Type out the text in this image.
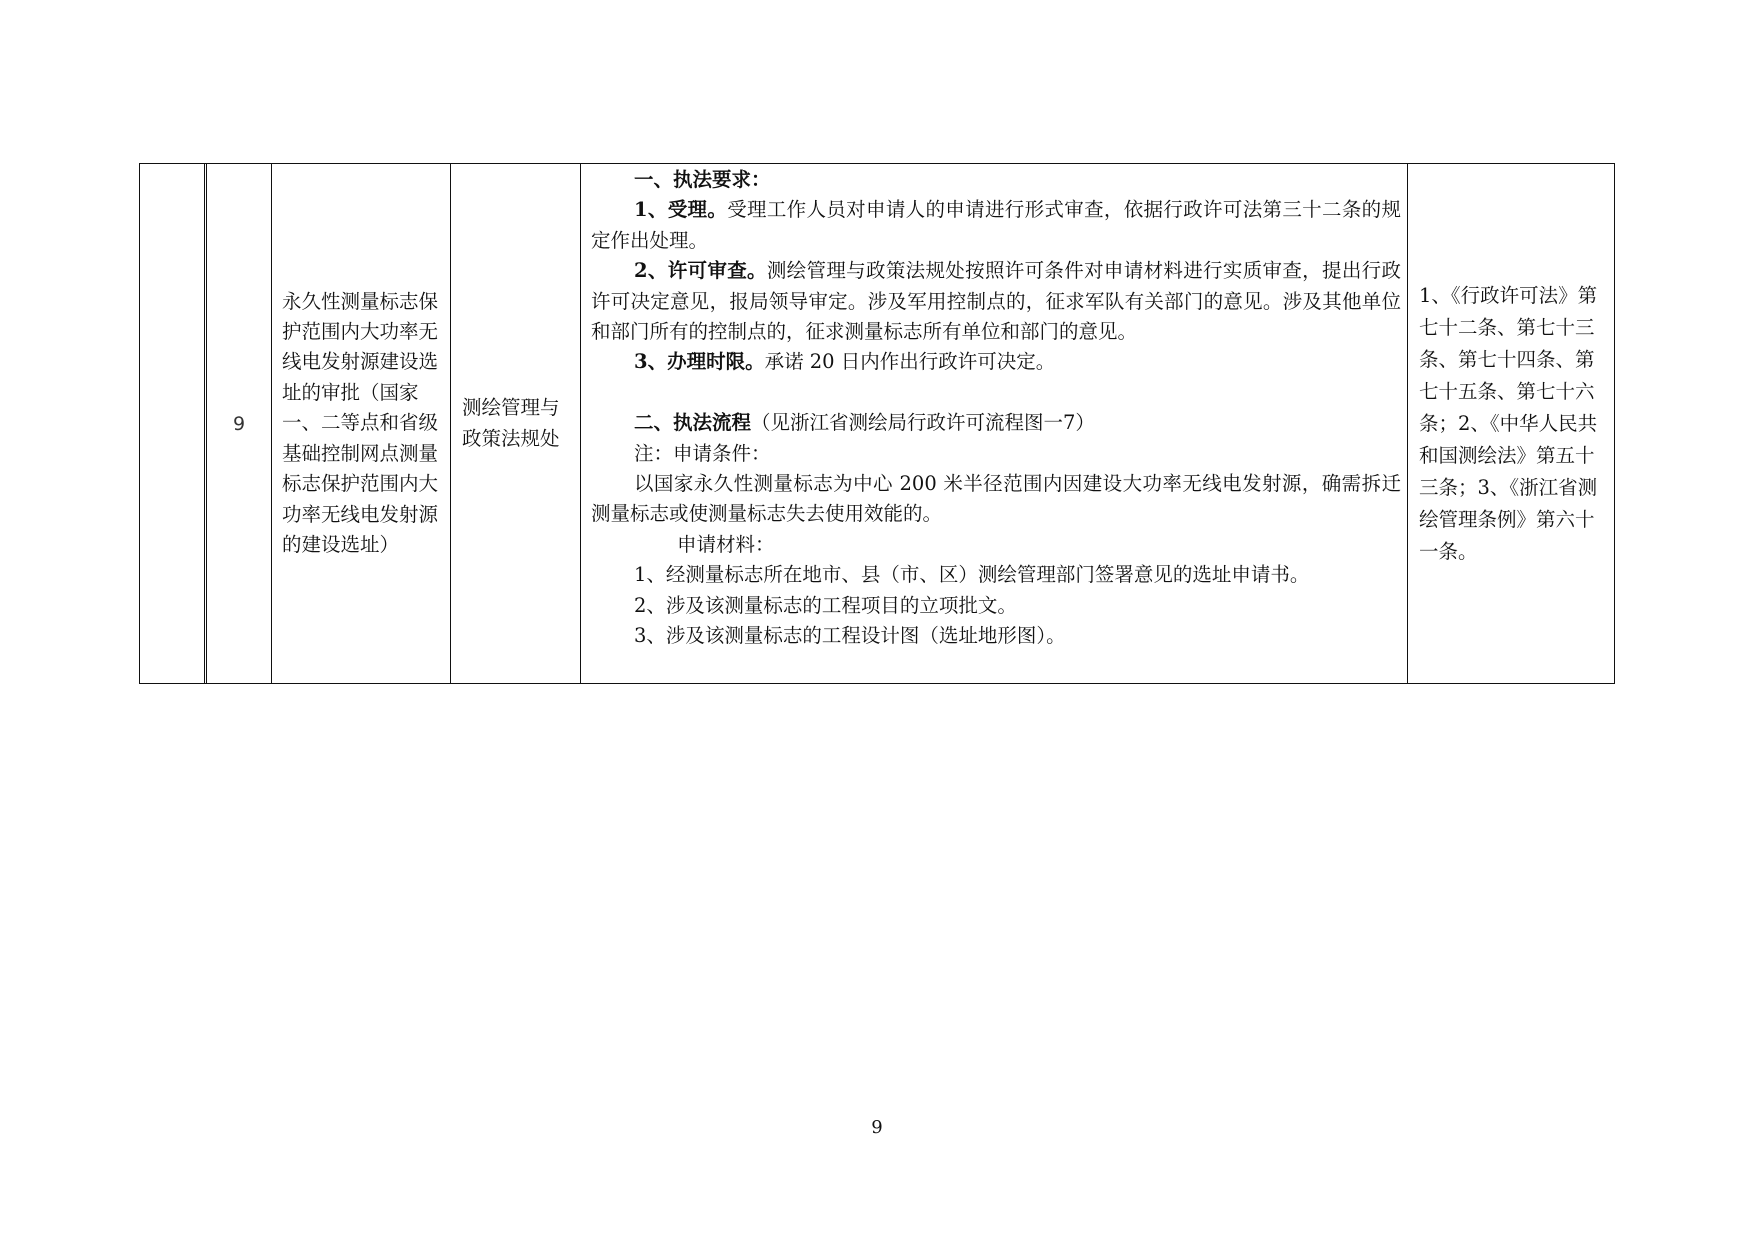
9
永久性测量标志保护范围内大功率无线电发射源建设选址的审批（国家一、二等点和省级基础控制网点测量标志保护范围内大功率无线电发射源的建设选址）
测绘管理与政策法规处

一、执法要求：

1、受理。受理工作人员对申请人的申请进行形式审查，依据行政许可法第三十二条的规定作出处理。

2、许可审查。测绘管理与政策法规处按照许可条件对申请材料进行实质审查，提出行政许可决定意见，报局领导审定。涉及军用控制点的，征求军队有关部门的意见。涉及其他单位和部门所有的控制点的，征求测量标志所有单位和部门的意见。

3、办理时限。承诺 20 日内作出行政许可决定。

二、执法流程（见浙江省测绘局行政许可流程图一7）

注：申请条件：

以国家永久性测量标志为中心 200 米半径范围内因建设大功率无线电发射源，确需拆迁测量标志或使测量标志失去使用效能的。

申请材料：

1、经测量标志所在地市、县（市、区）测绘管理部门签署意见的选址申请书。

2、涉及该测量标志的工程项目的立项批文。

3、涉及该测量标志的工程设计图（选址地形图）。

1、《行政许可法》第七十二条、第七十三条、第七十四条、第七十五条、第七十六条；2、《中华人民共和国测绘法》第五十三条；3、《浙江省测绘管理条例》第六十一条。
9
